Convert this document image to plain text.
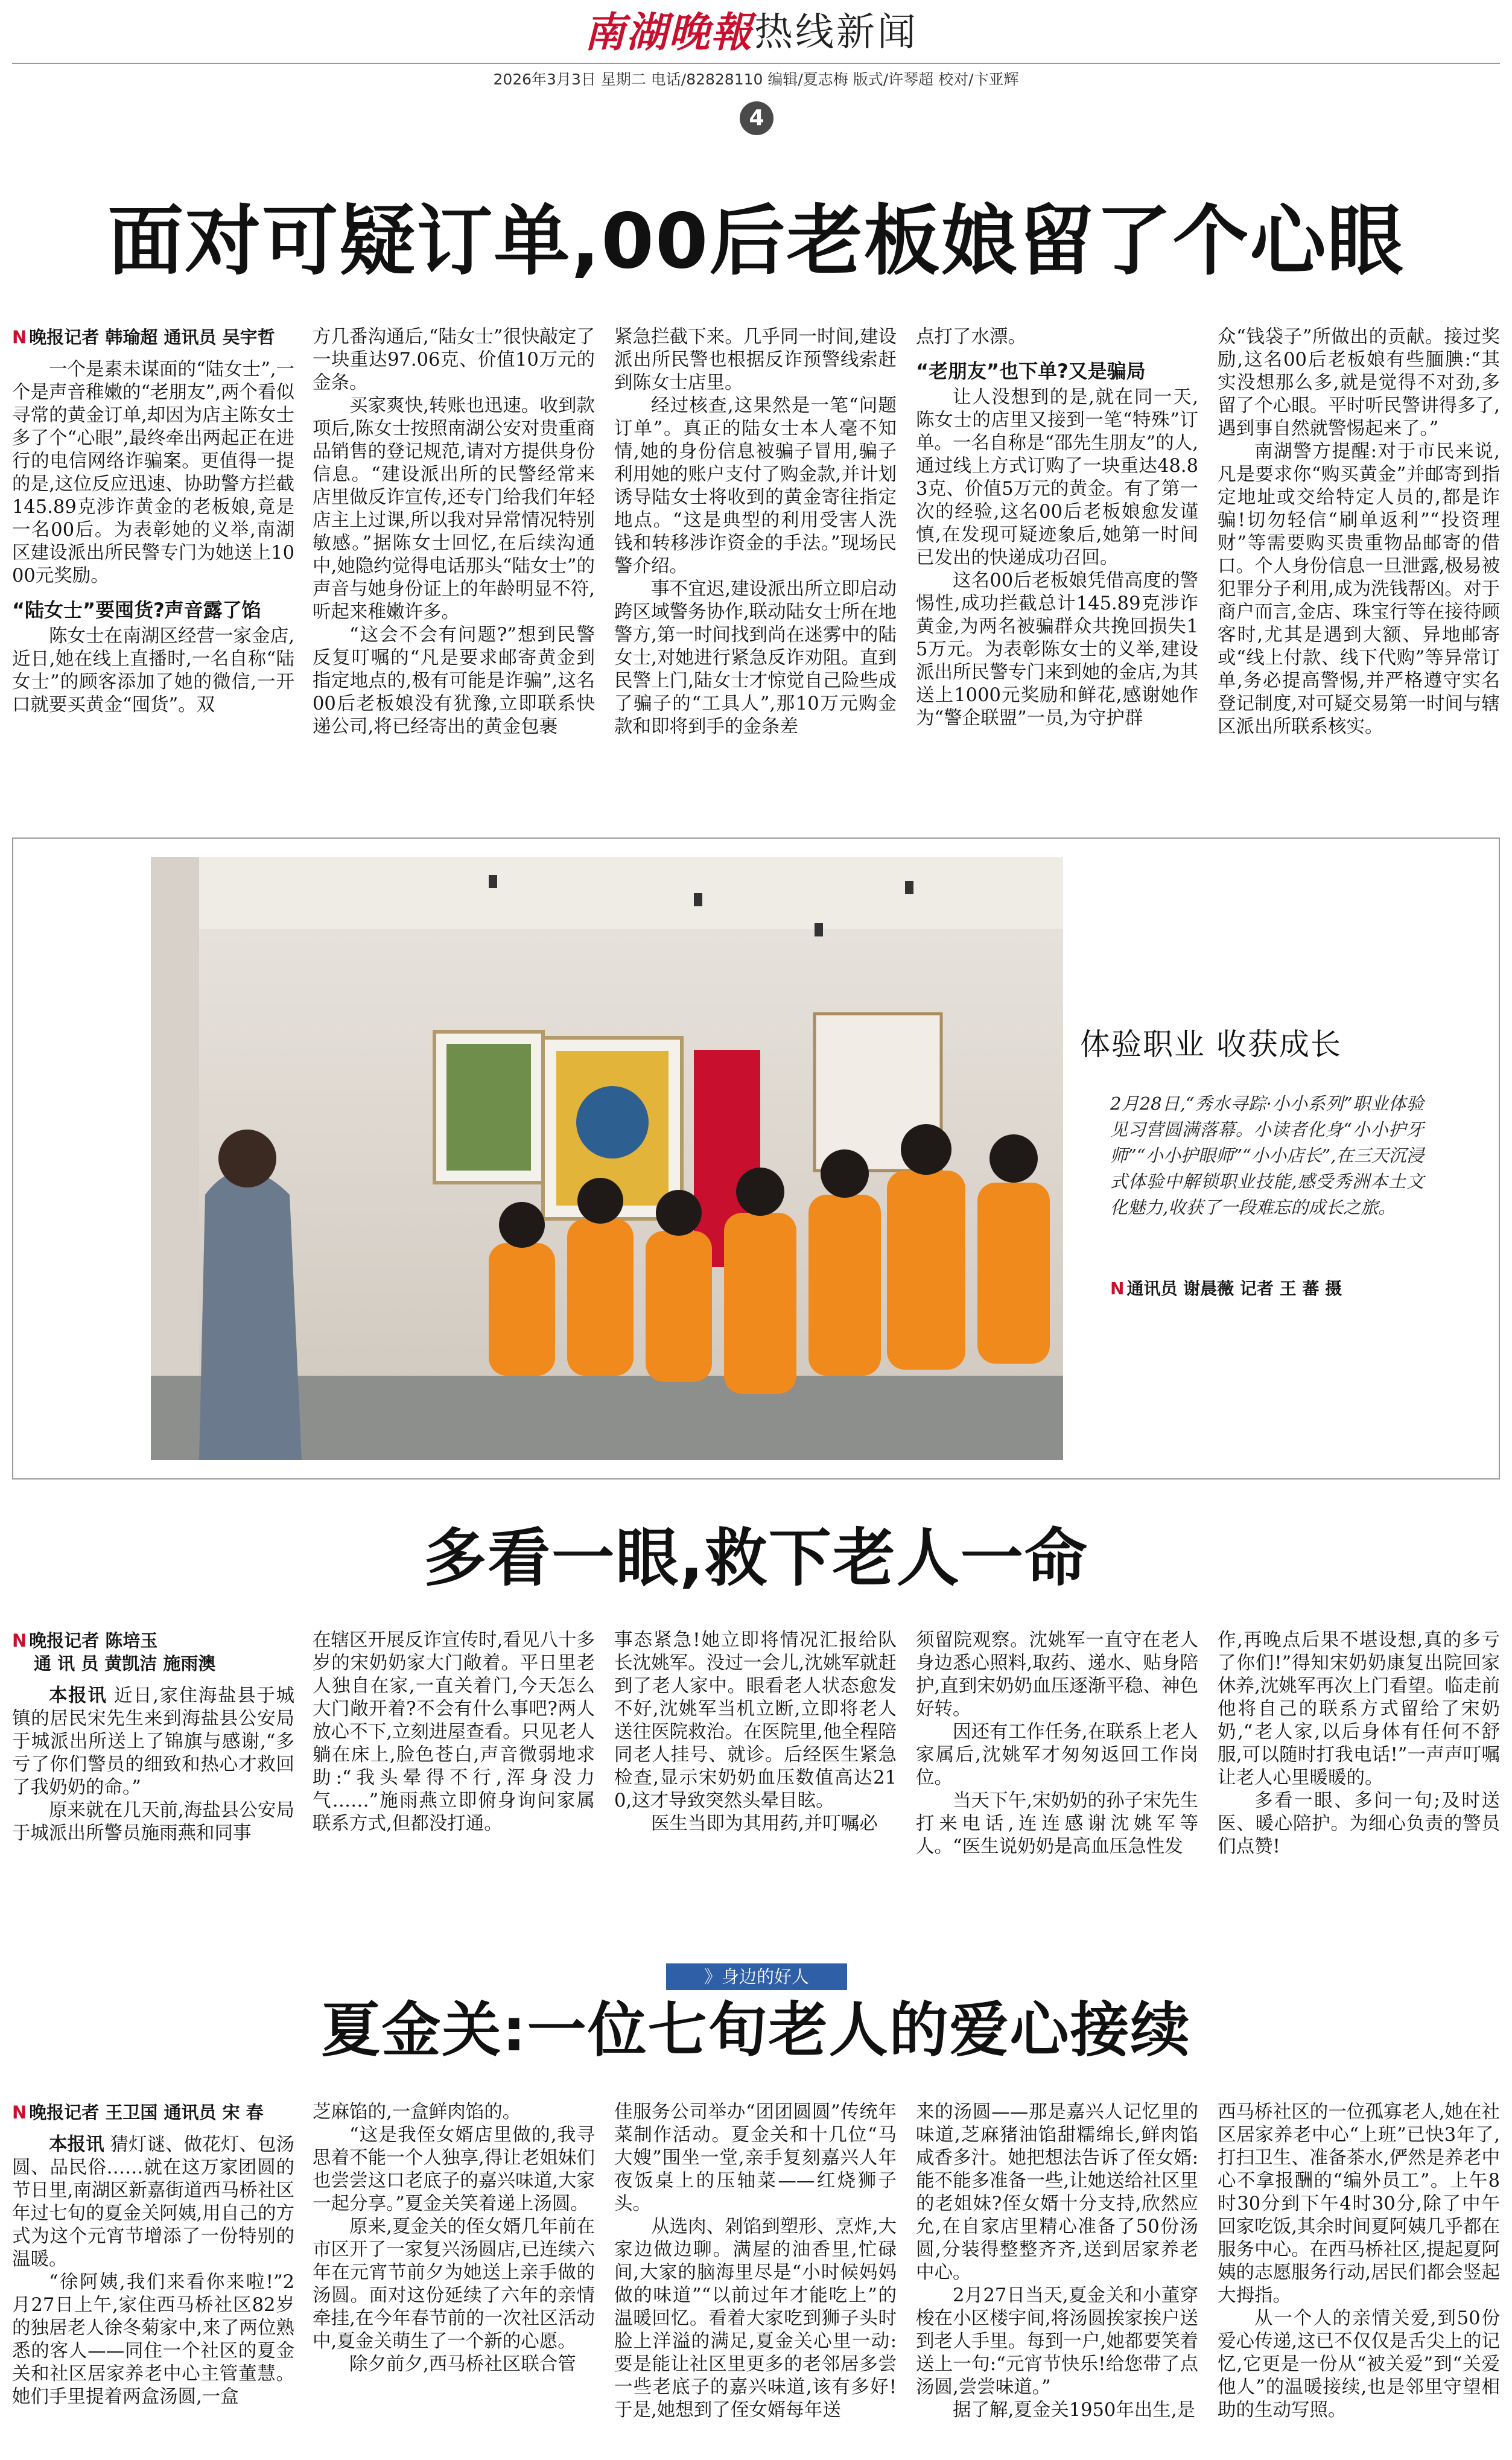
南湖晚報 热线新闻
2026年3月3日 星期二 电话/82828110 编辑/夏志梅 版式/许琴超 校对/卞亚辉
4
面对可疑订单,00后老板娘留了个心眼
N 晚报记者 韩瑜超 通讯员 吴宇哲

一个是素未谋面的“陆女士”,一个是声音稚嫩的“老朋友”,两个看似寻常的黄金订单,却因为店主陈女士多了个“心眼”,最终牵出两起正在进行的电信网络诈骗案。更值得一提的是,这位反应迅速、协助警方拦截145.89克涉诈黄金的老板娘,竟是一名00后。为表彰她的义举,南湖区建设派出所民警专门为她送上1000元奖励。

“陆女士”要囤货?声音露了馅

陈女士在南湖区经营一家金店,近日,她在线上直播时,一名自称“陆女士”的顾客添加了她的微信,一开口就要买黄金“囤货”。双

方几番沟通后,“陆女士”很快敲定了一块重达97.06克、价值10万元的金条。

买家爽快,转账也迅速。收到款项后,陈女士按照南湖公安对贵重商品销售的登记规范,请对方提供身份信息。“建设派出所的民警经常来店里做反诈宣传,还专门给我们年轻店主上过课,所以我对异常情况特别敏感。”据陈女士回忆,在后续沟通中,她隐约觉得电话那头“陆女士”的声音与她身份证上的年龄明显不符,听起来稚嫩许多。

“这会不会有问题?”想到民警反复叮嘱的“凡是要求邮寄黄金到指定地点的,极有可能是诈骗”,这名00后老板娘没有犹豫,立即联系快递公司,将已经寄出的黄金包裹

紧急拦截下来。几乎同一时间,建设派出所民警也根据反诈预警线索赶到陈女士店里。

经过核查,这果然是一笔“问题订单”。真正的陆女士本人毫不知情,她的身份信息被骗子冒用,骗子利用她的账户支付了购金款,并计划诱导陆女士将收到的黄金寄往指定地点。“这是典型的利用受害人洗钱和转移涉诈资金的手法。”现场民警介绍。

事不宜迟,建设派出所立即启动跨区域警务协作,联动陆女士所在地警方,第一时间找到尚在迷雾中的陆女士,对她进行紧急反诈劝阻。直到民警上门,陆女士才惊觉自己险些成了骗子的“工具人”,那10万元购金款和即将到手的金条差

点打了水漂。

“老朋友”也下单?又是骗局

让人没想到的是,就在同一天,陈女士的店里又接到一笔“特殊”订单。一名自称是“邵先生朋友”的人,通过线上方式订购了一块重达48.83克、价值5万元的黄金。有了第一次的经验,这名00后老板娘愈发谨慎,在发现可疑迹象后,她第一时间已发出的快递成功召回。

这名00后老板娘凭借高度的警惕性,成功拦截总计145.89克涉诈黄金,为两名被骗群众共挽回损失15万元。为表彰陈女士的义举,建设派出所民警专门来到她的金店,为其送上1000元奖励和鲜花,感谢她作为“警企联盟”一员,为守护群

众“钱袋子”所做出的贡献。接过奖励,这名00后老板娘有些腼腆:“其实没想那么多,就是觉得不对劲,多留了个心眼。平时听民警讲得多了,遇到事自然就警惕起来了。”

南湖警方提醒:对于市民来说,凡是要求你“购买黄金”并邮寄到指定地址或交给特定人员的,都是诈骗!切勿轻信“刷单返利”“投资理财”等需要购买贵重物品邮寄的借口。个人身份信息一旦泄露,极易被犯罪分子利用,成为洗钱帮凶。对于商户而言,金店、珠宝行等在接待顾客时,尤其是遇到大额、异地邮寄或“线上付款、线下代购”等异常订单,务必提高警惕,并严格遵守实名登记制度,对可疑交易第一时间与辖区派出所联系核实。

体验职业 收获成长
2月28日,“秀水寻踪·小小系列”职业体验见习营圆满落幕。小读者化身“小小护牙师”“小小护眼师”“小小店长”,在三天沉浸式体验中解锁职业技能,感受秀洲本土文化魅力,收获了一段难忘的成长之旅。
N 通讯员 谢晨薇 记者 王 蕃 摄
多看一眼,救下老人一命
N 晚报记者 陈培玉
通 讯 员 黄凯洁 施雨澳

本报讯 近日,家住海盐县于城镇的居民宋先生来到海盐县公安局于城派出所送上了锦旗与感谢,“多亏了你们警员的细致和热心才救回了我奶奶的命。”

原来就在几天前,海盐县公安局于城派出所警员施雨燕和同事

在辖区开展反诈宣传时,看见八十多岁的宋奶奶家大门敞着。平日里老人独自在家,一直关着门,今天怎么大门敞开着?不会有什么事吧?两人放心不下,立刻进屋查看。只见老人躺在床上,脸色苍白,声音微弱地求助:“我头晕得不行,浑身没力气……”施雨燕立即俯身询问家属联系方式,但都没打通。

事态紧急!她立即将情况汇报给队长沈姚军。没过一会儿,沈姚军就赶到了老人家中。眼看老人状态愈发不好,沈姚军当机立断,立即将老人送往医院救治。在医院里,他全程陪同老人挂号、就诊。后经医生紧急检查,显示宋奶奶血压数值高达210,这才导致突然头晕目眩。

医生当即为其用药,并叮嘱必

须留院观察。沈姚军一直守在老人身边悉心照料,取药、递水、贴身陪护,直到宋奶奶血压逐渐平稳、神色好转。

因还有工作任务,在联系上老人家属后,沈姚军才匆匆返回工作岗位。

当天下午,宋奶奶的孙子宋先生打来电话,连连感谢沈姚军等人。“医生说奶奶是高血压急性发

作,再晚点后果不堪设想,真的多亏了你们!”得知宋奶奶康复出院回家休养,沈姚军再次上门看望。临走前他将自己的联系方式留给了宋奶奶,“老人家,以后身体有任何不舒服,可以随时打我电话!”一声声叮嘱让老人心里暖暖的。

多看一眼、多问一句;及时送医、暖心陪护。为细心负责的警员们点赞!

》身边的好人
夏金关:一位七旬老人的爱心接续
N 晚报记者 王卫国 通讯员 宋 春

本报讯 猜灯谜、做花灯、包汤圆、品民俗……就在这万家团圆的节日里,南湖区新嘉街道西马桥社区年过七旬的夏金关阿姨,用自己的方式为这个元宵节增添了一份特别的温暖。

“徐阿姨,我们来看你来啦!”2月27日上午,家住西马桥社区82岁的独居老人徐冬菊家中,来了两位熟悉的客人——同住一个社区的夏金关和社区居家养老中心主管董慧。她们手里提着两盒汤圆,一盒

芝麻馅的,一盒鲜肉馅的。

“这是我侄女婿店里做的,我寻思着不能一个人独享,得让老姐妹们也尝尝这口老底子的嘉兴味道,大家一起分享。”夏金关笑着递上汤圆。

原来,夏金关的侄女婿几年前在市区开了一家复兴汤圆店,已连续六年在元宵节前夕为她送上亲手做的汤圆。面对这份延续了六年的亲情牵挂,在今年春节前的一次社区活动中,夏金关萌生了一个新的心愿。

除夕前夕,西马桥社区联合管

佳服务公司举办“团团圆圆”传统年菜制作活动。夏金关和十几位“马大嫂”围坐一堂,亲手复刻嘉兴人年夜饭桌上的压轴菜——红烧狮子头。

从选肉、剁馅到塑形、烹炸,大家边做边聊。满屋的油香里,忙碌间,大家的脑海里尽是“小时候妈妈做的味道”“以前过年才能吃上”的温暖回忆。看着大家吃到狮子头时脸上洋溢的满足,夏金关心里一动:要是能让社区里更多的老邻居多尝一些老底子的嘉兴味道,该有多好!于是,她想到了侄女婿每年送

来的汤圆——那是嘉兴人记忆里的味道,芝麻猪油馅甜糯绵长,鲜肉馅咸香多汁。她把想法告诉了侄女婿:能不能多准备一些,让她送给社区里的老姐妹?侄女婿十分支持,欣然应允,在自家店里精心准备了50份汤圆,分装得整整齐齐,送到居家养老中心。

2月27日当天,夏金关和小董穿梭在小区楼宇间,将汤圆挨家挨户送到老人手里。每到一户,她都要笑着送上一句:“元宵节快乐!给您带了点汤圆,尝尝味道。”

据了解,夏金关1950年出生,是

西马桥社区的一位孤寡老人,她在社区居家养老中心“上班”已快3年了,打扫卫生、准备茶水,俨然是养老中心不拿报酬的“编外员工”。上午8时30分到下午4时30分,除了中午回家吃饭,其余时间夏阿姨几乎都在服务中心。在西马桥社区,提起夏阿姨的志愿服务行动,居民们都会竖起大拇指。

从一个人的亲情关爱,到50份爱心传递,这已不仅仅是舌尖上的记忆,它更是一份从“被关爱”到“关爱他人”的温暖接续,也是邻里守望相助的生动写照。
